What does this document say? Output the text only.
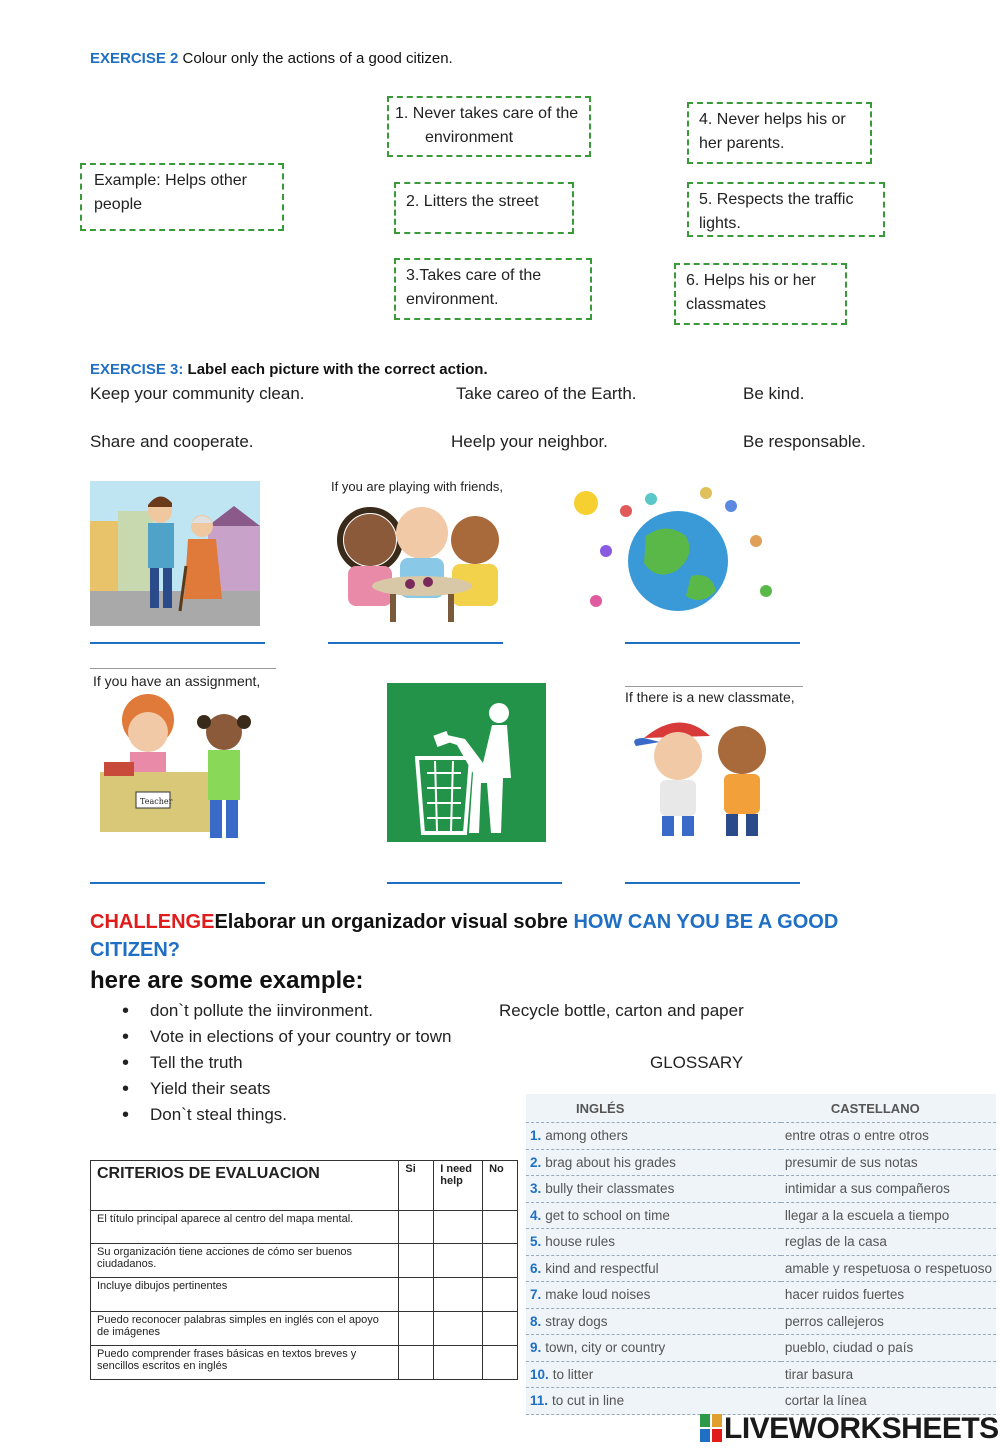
EXERCISE 2 Colour only the actions of a good citizen.
Example: Helps other people
1. Never takes care of the environment
2. Litters the street
3.Takes care of the environment.
4. Never helps his or her parents.
5. Respects the traffic lights.
6. Helps his or her classmates
EXERCISE 3: Label each picture with the correct action.
Keep your community clean.	Take careo of the Earth.	Be kind.
Share and cooperate.	Heelp your neighbor.	Be responsable.
If you are playing with friends,
If you have an assignment,
Teacher
If there is a new classmate,
CHALLENGEElaborar un organizador visual sobre HOW CAN YOU BE A GOOD CITIZEN?
here are some example:
• don`t pollute the iinvironment.
• Vote in elections of your country or town
• Tell the truth
• Yield their seats
• Don`t steal things.
Recycle bottle, carton and paper
GLOSSARY
CRITERIOS DE EVALUACION	Si	I need help	No
El título principal aparece al centro del mapa mental.			
Su organización tiene acciones de cómo ser buenos ciudadanos.			
Incluye dibujos pertinentes			
Puedo reconocer palabras simples en inglés con el apoyo de imágenes			
Puedo comprender frases básicas en textos breves y sencillos escritos en inglés			
INGLÉS	CASTELLANO
1. among others	entre otras o entre otros
2. brag about his grades	presumir de sus notas
3. bully their classmates	intimidar a sus compañeros
4. get to school on time	llegar a la escuela a tiempo
5. house rules	reglas de la casa
6. kind and respectful	amable y respetuosa o respetuoso
7. make loud noises	hacer ruidos fuertes
8. stray dogs	perros callejeros
9. town, city or country	pueblo, ciudad o país
10. to litter	tirar basura
11. to cut in line	cortar la línea
LIVEWORKSHEETS
